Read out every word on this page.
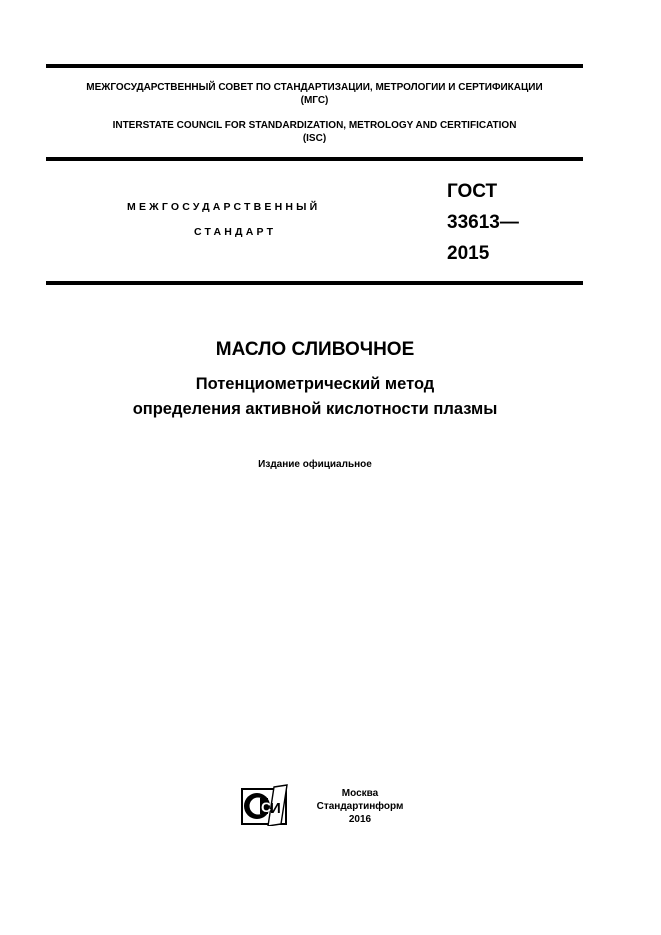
МЕЖГОСУДАРСТВЕННЫЙ СОВЕТ ПО СТАНДАРТИЗАЦИИ, МЕТРОЛОГИИ И СЕРТИФИКАЦИИ
(МГС)
INTERSTATE COUNCIL FOR STANDARDIZATION, METROLOGY AND CERTIFICATION
(ISC)
МЕЖГОСУДАРСТВЕННЫЙ
СТАНДАРТ
ГОСТ
33613—
2015
МАСЛО СЛИВОЧНОЕ
Потенциометрический метод
определения активной кислотности плазмы
Издание официальное
И
С
Москва
Стандартинформ
2016
